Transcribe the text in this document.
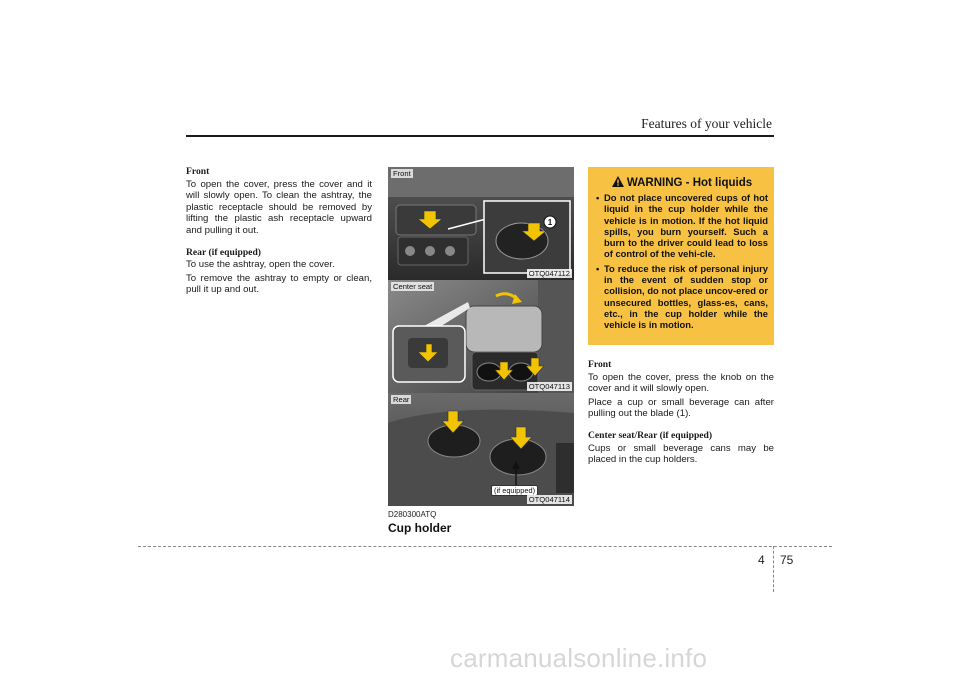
Features of your vehicle
Front

To open the cover, press the cover and it will slowly open. To clean the ashtray, the plastic receptacle should be removed by lifting the plastic ash receptacle upward and pulling it out.

Rear (if equipped)

To use the ashtray, open the cover.

To remove the ashtray to empty or clean, pull it up and out.

1
Front
OTQ047112
Center seat
OTQ047113
Rear
(if equipped)
OTQ047114
D280300ATQ
Cup holder
WARNING - Hot liquids
• Do not place uncovered cups of hot liquid in the cup holder while the vehicle is in motion. If the hot liquid spills, you burn yourself. Such a burn to the driver could lead to loss of control of the vehi-cle.
• To reduce the risk of personal injury in the event of sudden stop or collision, do not place uncov-ered or unsecured bottles, glass-es, cans, etc., in the cup holder while the vehicle is in motion.
Front

To open the cover, press the knob on the cover and it will slowly open.

Place a cup or small beverage can after pulling out the blade (1).

Center seat/Rear (if equipped)

Cups or small beverage cans may be placed in the cup holders.

4 75
carmanualsonline.info
